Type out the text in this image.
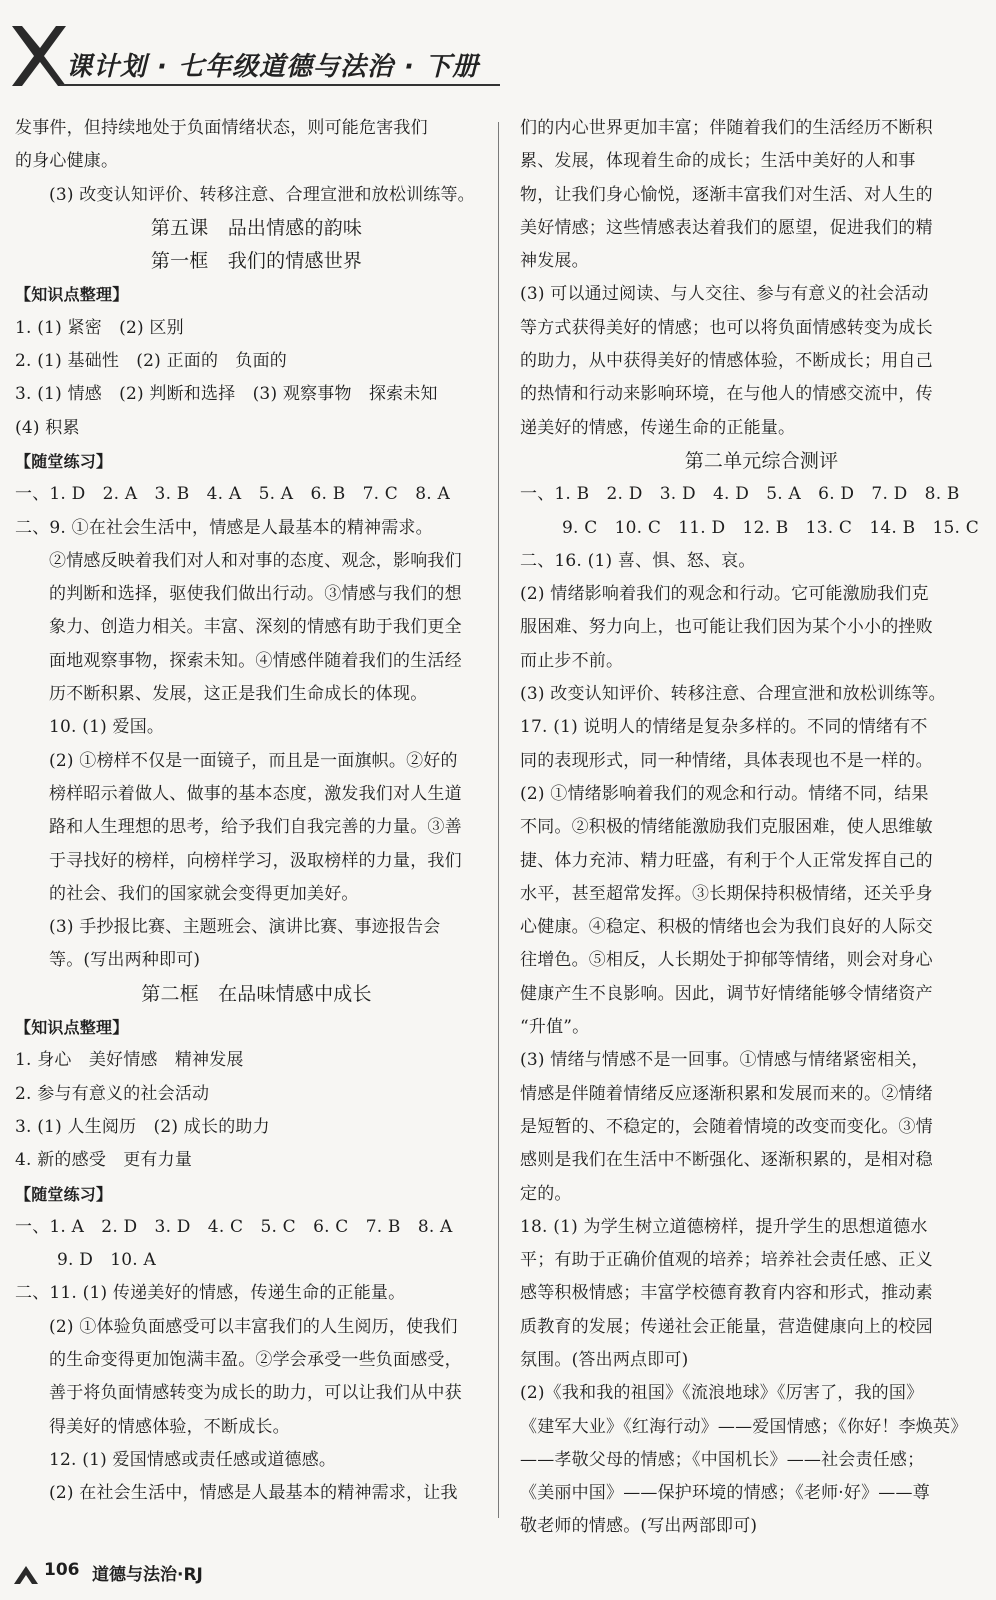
课计划 · 七年级道德与法治 · 下册
发事件，但持续地处于负面情绪状态，则可能危害我们
的身心健康。
(3) 改变认知评价、转移注意、合理宣泄和放松训练等。
第五课　品出情感的韵味
第一框　我们的情感世界
【知识点整理】
1. (1) 紧密　(2) 区别
2. (1) 基础性　(2) 正面的　负面的
3. (1) 情感　(2) 判断和选择　(3) 观察事物　探索未知
(4) 积累
【随堂练习】
一、1. D　2. A　3. B　4. A　5. A　6. B　7. C　8. A
二、9. ①在社会生活中，情感是人最基本的精神需求。
②情感反映着我们对人和对事的态度、观念，影响我们
的判断和选择，驱使我们做出行动。③情感与我们的想
象力、创造力相关。丰富、深刻的情感有助于我们更全
面地观察事物，探索未知。④情感伴随着我们的生活经
历不断积累、发展，这正是我们生命成长的体现。
10. (1) 爱国。
(2) ①榜样不仅是一面镜子，而且是一面旗帜。②好的
榜样昭示着做人、做事的基本态度，激发我们对人生道
路和人生理想的思考，给予我们自我完善的力量。③善
于寻找好的榜样，向榜样学习，汲取榜样的力量，我们
的社会、我们的国家就会变得更加美好。
(3) 手抄报比赛、主题班会、演讲比赛、事迹报告会
等。(写出两种即可)
第二框　在品味情感中成长
【知识点整理】
1. 身心　美好情感　精神发展
2. 参与有意义的社会活动
3. (1) 人生阅历　(2) 成长的助力
4. 新的感受　更有力量
【随堂练习】
一、1. A　2. D　3. D　4. C　5. C　6. C　7. B　8. A
9. D　10. A
二、11. (1) 传递美好的情感，传递生命的正能量。
(2) ①体验负面感受可以丰富我们的人生阅历，使我们
的生命变得更加饱满丰盈。②学会承受一些负面感受，
善于将负面情感转变为成长的助力，可以让我们从中获
得美好的情感体验，不断成长。
12. (1) 爱国情感或责任感或道德感。
(2) 在社会生活中，情感是人最基本的精神需求，让我
们的内心世界更加丰富；伴随着我们的生活经历不断积
累、发展，体现着生命的成长；生活中美好的人和事
物，让我们身心愉悦，逐渐丰富我们对生活、对人生的
美好情感；这些情感表达着我们的愿望，促进我们的精
神发展。
(3) 可以通过阅读、与人交往、参与有意义的社会活动
等方式获得美好的情感；也可以将负面情感转变为成长
的助力，从中获得美好的情感体验，不断成长；用自己
的热情和行动来影响环境，在与他人的情感交流中，传
递美好的情感，传递生命的正能量。
第二单元综合测评
一、1. B　2. D　3. D　4. D　5. A　6. D　7. D　8. B
9. C　10. C　11. D　12. B　13. C　14. B　15. C
二、16. (1) 喜、惧、怒、哀。
(2) 情绪影响着我们的观念和行动。它可能激励我们克
服困难、努力向上，也可能让我们因为某个小小的挫败
而止步不前。
(3) 改变认知评价、转移注意、合理宣泄和放松训练等。
17. (1) 说明人的情绪是复杂多样的。不同的情绪有不
同的表现形式，同一种情绪，具体表现也不是一样的。
(2) ①情绪影响着我们的观念和行动。情绪不同，结果
不同。②积极的情绪能激励我们克服困难，使人思维敏
捷、体力充沛、精力旺盛，有利于个人正常发挥自己的
水平，甚至超常发挥。③长期保持积极情绪，还关乎身
心健康。④稳定、积极的情绪也会为我们良好的人际交
往增色。⑤相反，人长期处于抑郁等情绪，则会对身心
健康产生不良影响。因此，调节好情绪能够令情绪资产
“升值”。
(3) 情绪与情感不是一回事。①情感与情绪紧密相关，
情感是伴随着情绪反应逐渐积累和发展而来的。②情绪
是短暂的、不稳定的，会随着情境的改变而变化。③情
感则是我们在生活中不断强化、逐渐积累的，是相对稳
定的。
18. (1) 为学生树立道德榜样，提升学生的思想道德水
平；有助于正确价值观的培养；培养社会责任感、正义
感等积极情感；丰富学校德育教育内容和形式，推动素
质教育的发展；传递社会正能量，营造健康向上的校园
氛围。(答出两点即可)
(2)《我和我的祖国》《流浪地球》《厉害了，我的国》
《建军大业》《红海行动》——爱国情感；《你好！李焕英》
——孝敬父母的情感；《中国机长》——社会责任感；
《美丽中国》——保护环境的情感；《老师·好》——尊
敬老师的情感。(写出两部即可)
106 道德与法治·RJ
